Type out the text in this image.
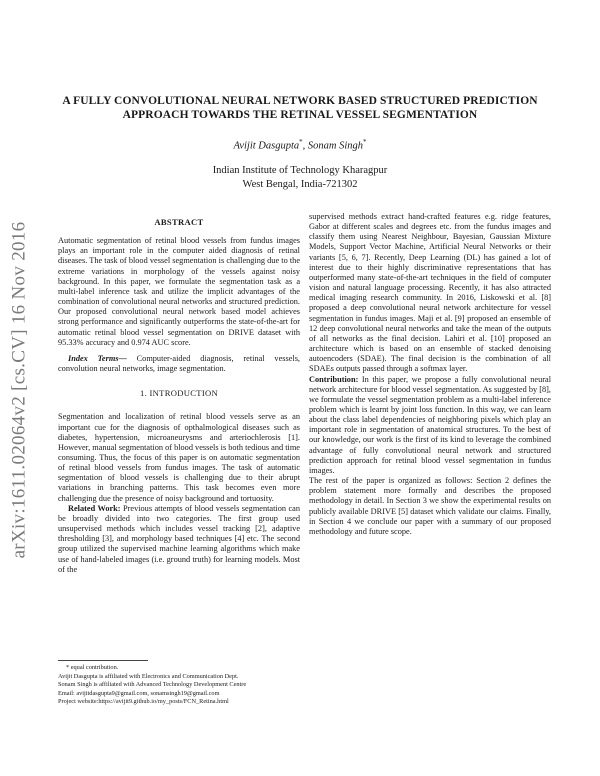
arXiv:1611.02064v2 [cs.CV] 16 Nov 2016
A FULLY CONVOLUTIONAL NEURAL NETWORK BASED STRUCTURED PREDICTION
APPROACH TOWARDS THE RETINAL VESSEL SEGMENTATION
Avijit Dasgupta*, Sonam Singh*
Indian Institute of Technology Kharagpur
West Bengal, India-721302
ABSTRACT

Automatic segmentation of retinal blood vessels from fundus images plays an important role in the computer aided diagnosis of retinal diseases. The task of blood vessel segmentation is challenging due to the extreme variations in morphology of the vessels against noisy background. In this paper, we formulate the segmentation task as a multi-label inference task and utilize the implicit advantages of the combination of convolutional neural networks and structured prediction. Our proposed convolutional neural network based model achieves strong performance and significantly outperforms the state-of-the-art for automatic retinal blood vessel segmentation on DRIVE dataset with 95.33% accuracy and 0.974 AUC score.

Index Terms— Computer-aided diagnosis, retinal vessels, convolution neural networks, image segmentation.

1. INTRODUCTION

Segmentation and localization of retinal blood vessels serve as an important cue for the diagnosis of opthalmological diseases such as diabetes, hypertension, microaneurysms and arteriochlerosis [1]. However, manual segmentation of blood vessels is both tedious and time consuming. Thus, the focus of this paper is on automatic segmentation of retinal blood vessels from fundus images. The task of automatic segmentation of blood vessels is challenging due to their abrupt variations in branching patterns. This task becomes even more challenging due the presence of noisy background and tortuosity.

Related Work: Previous attempts of blood vessels segmentation can be broadly divided into two categories. The first group used unsupervised methods which includes vessel tracking [2], adaptive thresholding [3], and morphology based techniques [4] etc. The second group utilized the supervised machine learning algorithms which make use of hand-labeled images (i.e. ground truth) for learning models. Most of the

supervised methods extract hand-crafted features e.g. ridge features, Gabor at different scales and degrees etc. from the fundus images and classify them using Nearest Neighbour, Bayesian, Gaussian Mixture Models, Support Vector Machine, Artificial Neural Networks or their variants [5, 6, 7]. Recently, Deep Learning (DL) has gained a lot of interest due to their highly discriminative representations that has outperformed many state-of-the-art techniques in the field of computer vision and natural language processing. Recently, it has also attracted medical imaging research community. In 2016, Liskowski et al. [8] proposed a deep convolutional neural network architecture for vessel segmentation in fundus images. Maji et al. [9] proposed an ensemble of 12 deep convolutional neural networks and take the mean of the outputs of all networks as the final decision. Lahiri et al. [10] proposed an architecture which is based on an ensemble of stacked denoising autoencoders (SDAE). The final decision is the combination of all SDAEs outputs passed through a softmax layer.

Contribution: In this paper, we propose a fully convolutional neural network architecture for blood vessel segmentation. As suggested by [8], we formulate the vessel segmentation problem as a multi-label inference problem which is learnt by joint loss function. In this way, we can learn about the class label dependencies of neighboring pixels which play an important role in segmentation of anatomical structures. To the best of our knowledge, our work is the first of its kind to leverage the combined advantage of fully convolutional neural network and structured prediction approach for retinal blood vessel segmentation in fundus images.

The rest of the paper is organized as follows: Section 2 defines the problem statement more formally and describes the proposed methodology in detail. In Section 3 we show the experimental results on publicly available DRIVE [5] dataset which validate our claims. Finally, in Section 4 we conclude our paper with a summary of our proposed methodology and future scope.

* equal contribution.
Avijit Dasgupta is affiliated with Electronics and Communication Dept.
Sonam Singh is affiliated with Advanced Technology Development Centre
Email: avijitdasgupta9@gmail.com, sonamsingh19@gmail.com
Project website:https://avijit9.github.io/my_posts/FCN_Retina.html
